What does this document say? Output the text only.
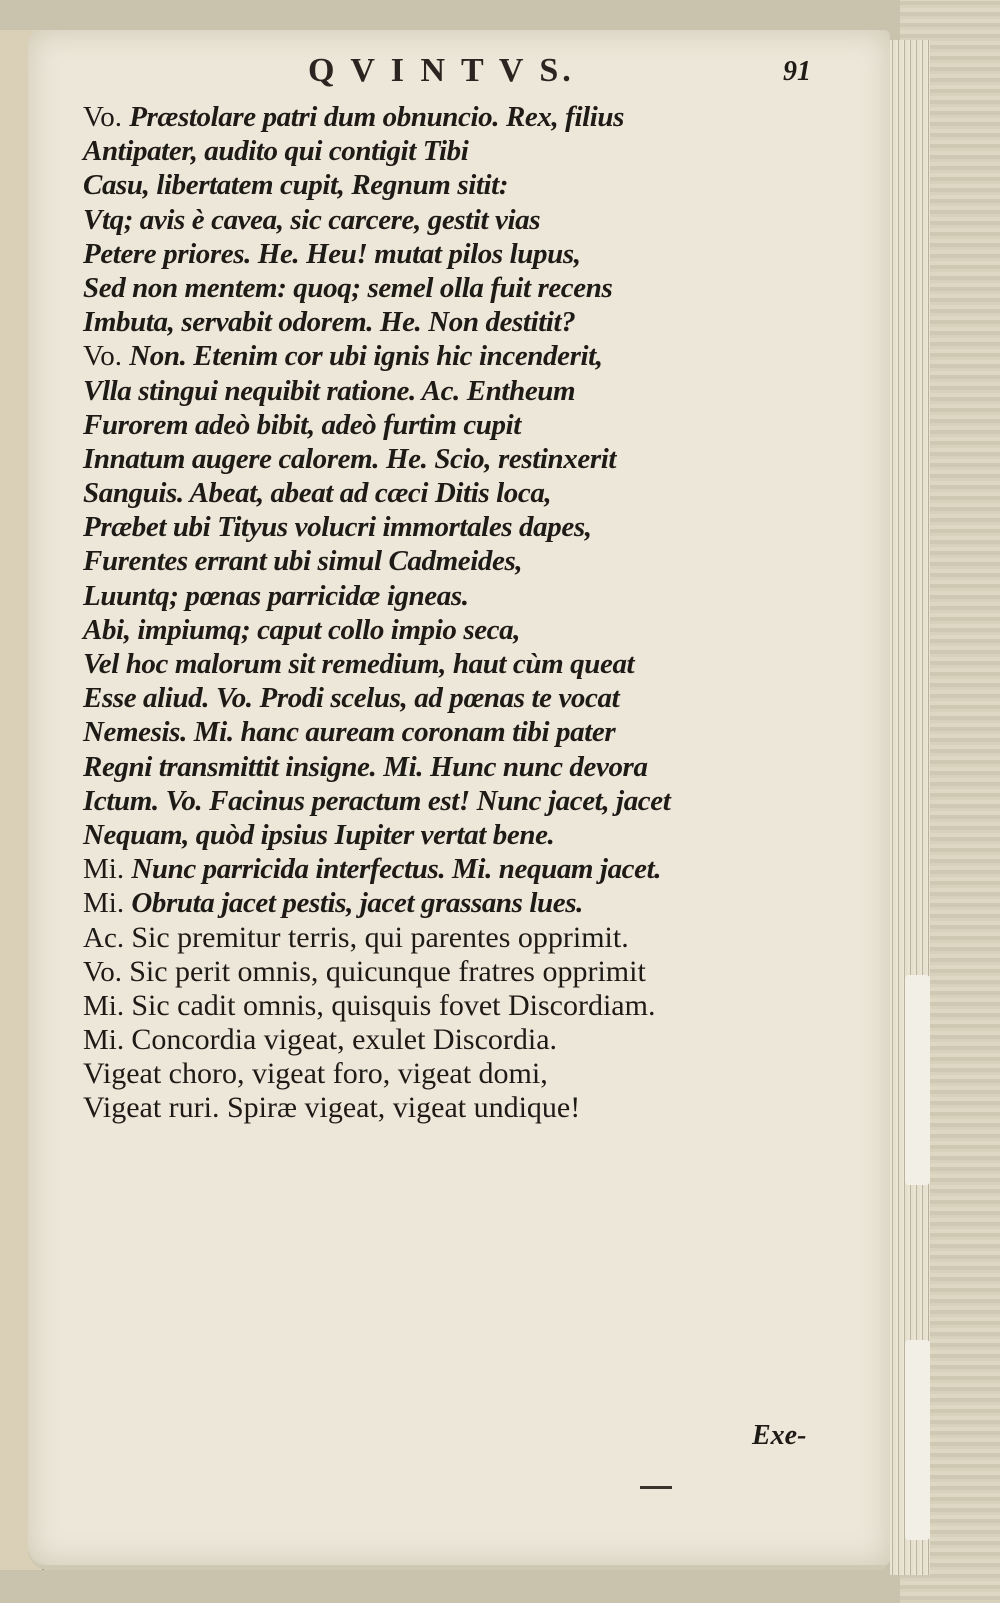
Q V I N T V S.	91
Vo. Præstolare patri dum obnuncio. Rex, filius
Antipater, audito qui contigit Tibi
Casu, libertatem cupit, Regnum sitit:
Vtq; avis è cavea, sic carcere, gestit vias
Petere priores. He. Heu! mutat pilos lupus,
Sed non mentem: quoq; semel olla fuit recens
Imbuta, servabit odorem. He. Non destitit?
Vo. Non. Etenim cor ubi ignis hic incenderit,
Vlla stingui nequibit ratione. Ac. Entheum
Furorem adeò bibit, adeò furtim cupit
Innatum augere calorem. He. Scio, restinxerit
Sanguis. Abeat, abeat ad cæci Ditis loca,
Præbet ubi Tityus volucri immortales dapes,
Furentes errant ubi simul Cadmeides,
Luuntq; pœnas parricidæ igneas.
Abi, impiumq; caput collo impio seca,
Vel hoc malorum sit remedium, haut cùm queat
Esse aliud. Vo. Prodi scelus, ad pœnas te vocat
Nemesis. Mi. hanc auream coronam tibi pater
Regni transmittit insigne. Mi. Hunc nunc devora
Ictum. Vo. Facinus peractum est! Nunc jacet, jacet
Nequam, quòd ipsius Iupiter vertat bene.
Mi. Nunc parricida interfectus. Mi. nequam jacet.
Mi. Obruta jacet pestis, jacet grassans lues.
Ac. Sic premitur terris, qui parentes opprimit.
Vo. Sic perit omnis, quicunque fratres opprimit
Mi. Sic cadit omnis, quisquis fovet Discordiam.
Mi. Concordia vigeat, exulet Discordia.
Vigeat choro, vigeat foro, vigeat domi,
Vigeat ruri. Spiræ vigeat, vigeat undique!
Exe-
